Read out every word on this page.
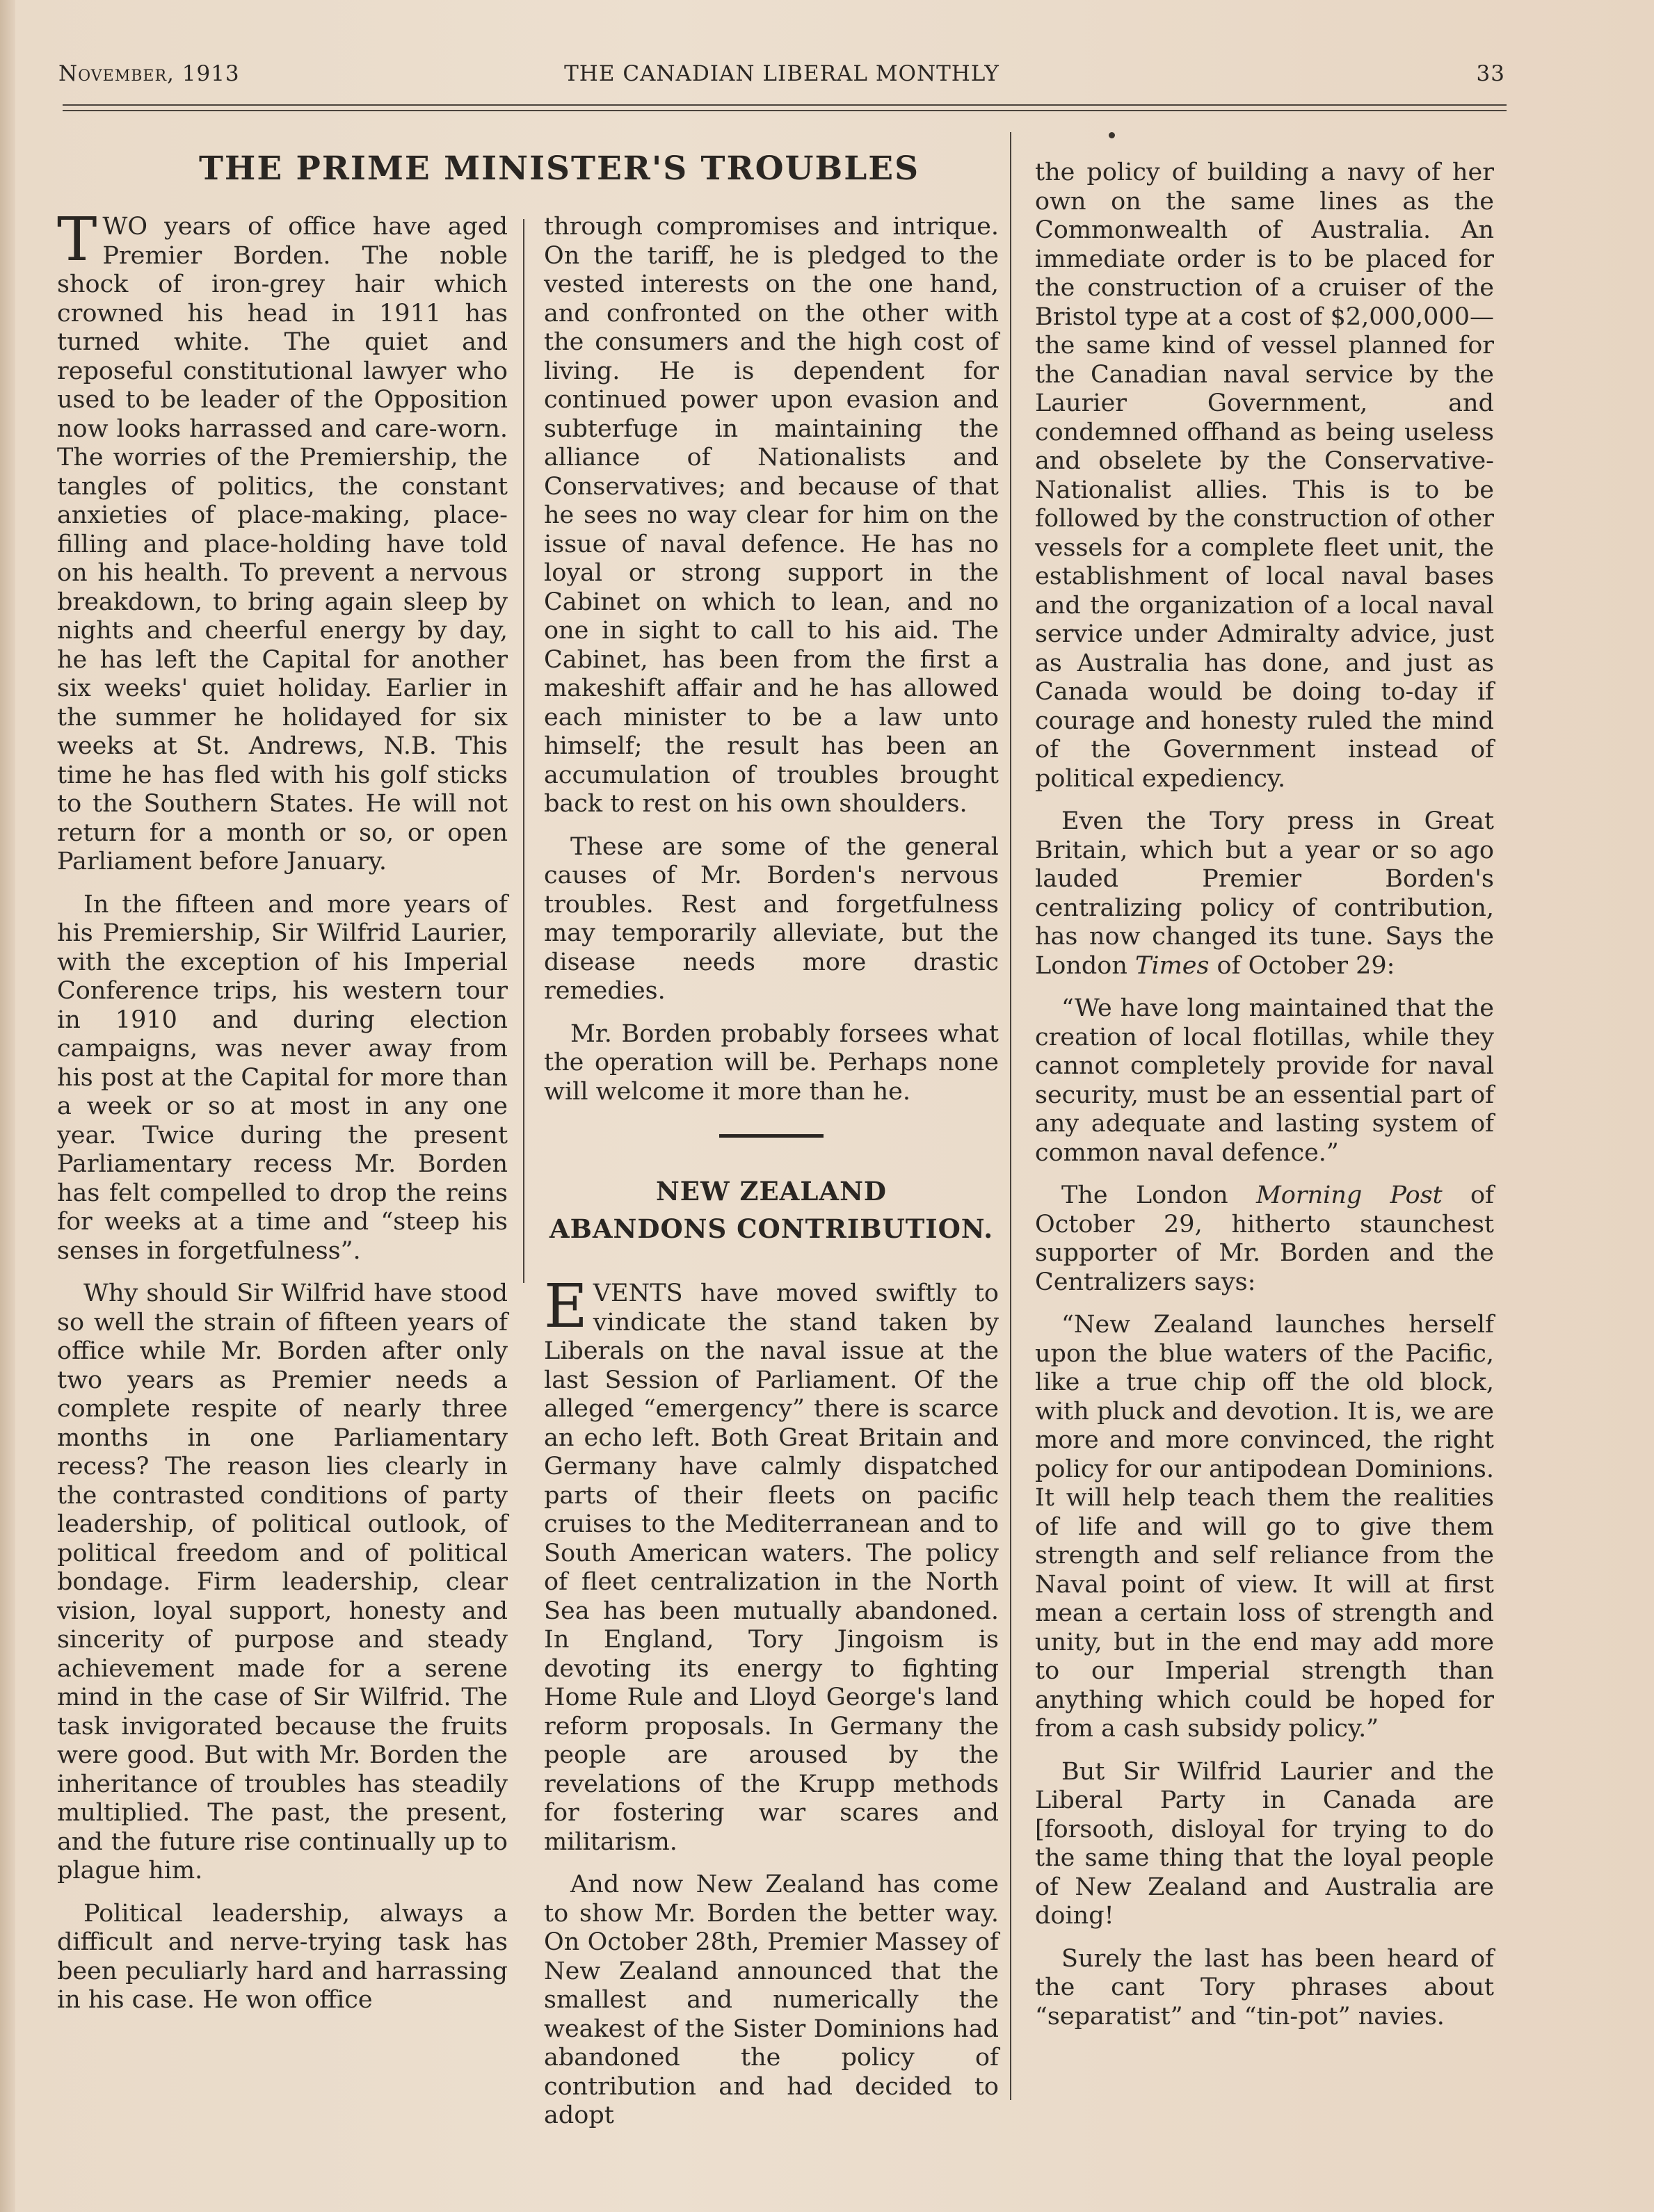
November, 1913	THE CANADIAN LIBERAL MONTHLY	33
THE PRIME MINISTER'S TROUBLES

TWO years of office have aged Premier Borden. The noble shock of iron-grey hair which crowned his head in 1911 has turned white. The quiet and reposeful constitutional lawyer who used to be leader of the Opposition now looks harrassed and care-worn. The worries of the Premiership, the tangles of politics, the constant anxieties of place-making, place-filling and place-holding have told on his health. To prevent a nervous breakdown, to bring again sleep by nights and cheerful energy by day, he has left the Capital for another six weeks' quiet holiday. Earlier in the summer he holidayed for six weeks at St. Andrews, N.B. This time he has fled with his golf sticks to the Southern States. He will not return for a month or so, or open Parliament before January.

In the fifteen and more years of his Premiership, Sir Wilfrid Laurier, with the exception of his Imperial Conference trips, his western tour in 1910 and during election campaigns, was never away from his post at the Capital for more than a week or so at most in any one year. Twice during the present Parliamentary recess Mr. Borden has felt compelled to drop the reins for weeks at a time and “steep his senses in forgetfulness”.

Why should Sir Wilfrid have stood so well the strain of fifteen years of office while Mr. Borden after only two years as Premier needs a complete respite of nearly three months in one Parliamentary recess? The reason lies clearly in the contrasted conditions of party leadership, of political outlook, of political freedom and of political bondage. Firm leadership, clear vision, loyal support, honesty and sincerity of purpose and steady achievement made for a serene mind in the case of Sir Wilfrid. The task invigorated because the fruits were good. But with Mr. Borden the inheritance of troubles has steadily multiplied. The past, the present, and the future rise continually up to plague him.

Political leadership, always a difficult and nerve-trying task has been peculiarly hard and harrassing in his case. He won office

through compromises and intrique. On the tariff, he is pledged to the vested interests on the one hand, and confronted on the other with the consumers and the high cost of living. He is dependent for continued power upon evasion and subterfuge in maintaining the alliance of Nationalists and Conservatives; and because of that he sees no way clear for him on the issue of naval defence. He has no loyal or strong support in the Cabinet on which to lean, and no one in sight to call to his aid. The Cabinet, has been from the first a makeshift affair and he has allowed each minister to be a law unto himself; the result has been an accumulation of troubles brought back to rest on his own shoulders.

These are some of the general causes of Mr. Borden's nervous troubles. Rest and forgetfulness may temporarily alleviate, but the disease needs more drastic remedies.

Mr. Borden probably forsees what the operation will be. Perhaps none will welcome it more than he.

NEW ZEALAND
ABANDONS CONTRIBUTION.

EVENTS have moved swiftly to vindicate the stand taken by Liberals on the naval issue at the last Session of Parliament. Of the alleged “emergency” there is scarce an echo left. Both Great Britain and Germany have calmly dispatched parts of their fleets on pacific cruises to the Mediterranean and to South American waters. The policy of fleet centralization in the North Sea has been mutually abandoned. In England, Tory Jingoism is devoting its energy to fighting Home Rule and Lloyd George's land reform proposals. In Germany the people are aroused by the revelations of the Krupp methods for fostering war scares and militarism.

And now New Zealand has come to show Mr. Borden the better way. On October 28th, Premier Massey of New Zealand announced that the smallest and numerically the weakest of the Sister Dominions had abandoned the policy of contribution and had decided to adopt

the policy of building a navy of her own on the same lines as the Commonwealth of Australia. An immediate order is to be placed for the construction of a cruiser of the Bristol type at a cost of $2,000,000—the same kind of vessel planned for the Canadian naval service by the Laurier Government, and condemned offhand as being useless and obselete by the Conservative-Nationalist allies. This is to be followed by the construction of other vessels for a complete fleet unit, the establishment of local naval bases and the organization of a local naval service under Admiralty advice, just as Australia has done, and just as Canada would be doing to-day if courage and honesty ruled the mind of the Government instead of political expediency.

Even the Tory press in Great Britain, which but a year or so ago lauded Premier Borden's centralizing policy of contribution, has now changed its tune. Says the London Times of October 29:

“We have long maintained that the creation of local flotillas, while they cannot completely provide for naval security, must be an essential part of any adequate and lasting system of common naval defence.”

The London Morning Post of October 29, hitherto staunchest supporter of Mr. Borden and the Centralizers says:

“New Zealand launches herself upon the blue waters of the Pacific, like a true chip off the old block, with pluck and devotion. It is, we are more and more convinced, the right policy for our antipodean Dominions. It will help teach them the realities of life and will go to give them strength and self reliance from the Naval point of view. It will at first mean a certain loss of strength and unity, but in the end may add more to our Imperial strength than anything which could be hoped for from a cash subsidy policy.”

But Sir Wilfrid Laurier and the Liberal Party in Canada are [forsooth, disloyal for trying to do the same thing that the loyal people of New Zealand and Australia are doing!

Surely the last has been heard of the cant Tory phrases about “separatist” and “tin-pot” navies.
